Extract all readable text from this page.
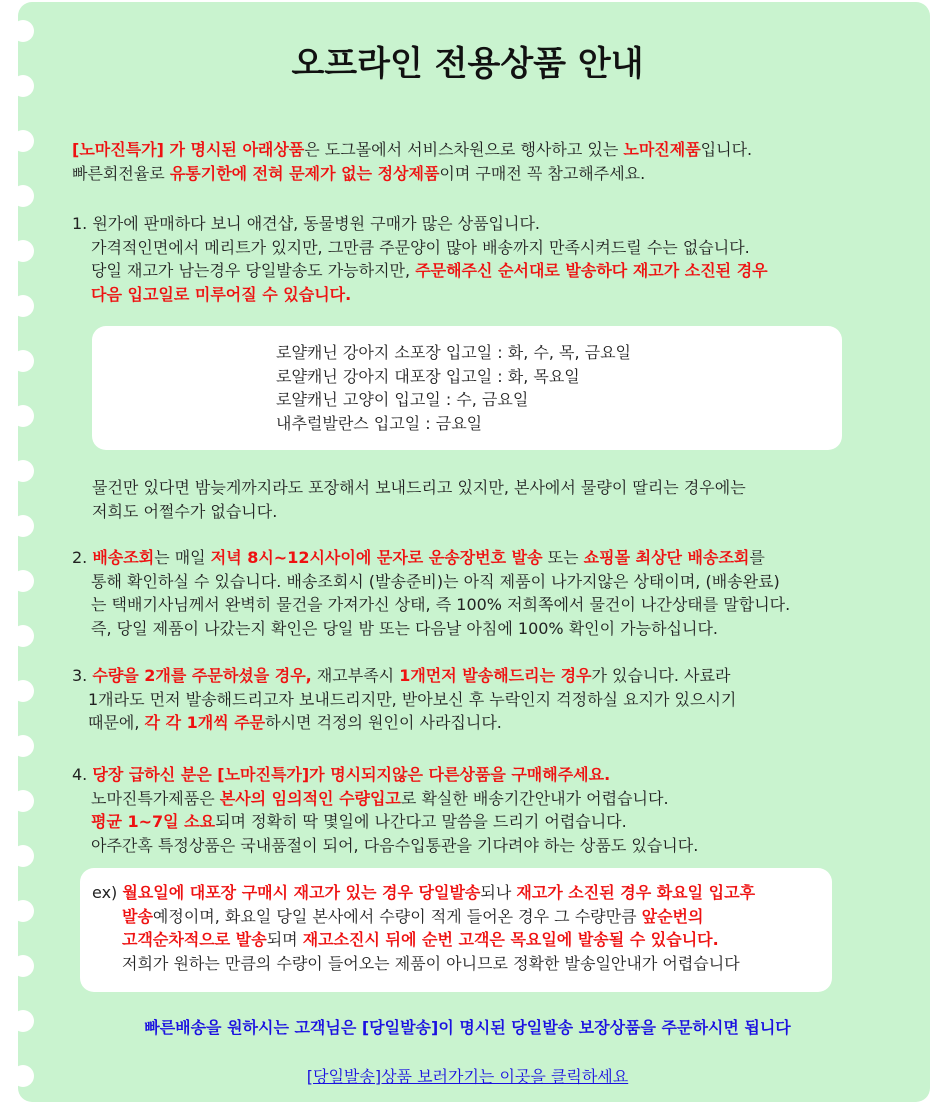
오프라인 전용상품 안내
[노마진특가] 가 명시된 아래상품은 도그몰에서 서비스차원으로 행사하고 있는 노마진제품입니다.
빠른회전율로 유통기한에 전혀 문제가 없는 정상제품이며 구매전 꼭 참고해주세요.
1. 원가에 판매하다 보니 애견샵, 동물병원 구매가 많은 상품입니다.
가격적인면에서 메리트가 있지만, 그만큼 주문양이 많아 배송까지 만족시켜드릴 수는 없습니다.
당일 재고가 남는경우 당일발송도 가능하지만, 주문해주신 순서대로 발송하다 재고가 소진된 경우
다음 입고일로 미루어질 수 있습니다.
로얄캐닌 강아지 소포장 입고일 : 화, 수, 목, 금요일
로얄캐닌 강아지 대포장 입고일 : 화, 목요일
로얄캐닌 고양이 입고일 : 수, 금요일
내추럴발란스 입고일 : 금요일
물건만 있다면 밤늦게까지라도 포장해서 보내드리고 있지만, 본사에서 물량이 딸리는 경우에는
저희도 어쩔수가 없습니다.
2. 배송조회는 매일 저녁 8시~12시사이에 문자로 운송장번호 발송 또는 쇼핑몰 최상단 배송조회를
통해 확인하실 수 있습니다. 배송조회시 (발송준비)는 아직 제품이 나가지않은 상태이며, (배송완료)
는 택배기사님께서 완벽히 물건을 가져가신 상태, 즉 100% 저희쪽에서 물건이 나간상태를 말합니다.
즉, 당일 제품이 나갔는지 확인은 당일 밤 또는 다음날 아침에 100% 확인이 가능하십니다.
3. 수량을 2개를 주문하셨을 경우, 재고부족시 1개먼저 발송해드리는 경우가 있습니다. 사료라
1개라도 먼저 발송해드리고자 보내드리지만, 받아보신 후 누락인지 걱정하실 요지가 있으시기
때문에, 각 각 1개씩 주문하시면 걱정의 원인이 사라집니다.
4. 당장 급하신 분은 [노마진특가]가 명시되지않은 다른상품을 구매해주세요.
노마진특가제품은 본사의 임의적인 수량입고로 확실한 배송기간안내가 어렵습니다.
평균 1~7일 소요되며 정확히 딱 몇일에 나간다고 말씀을 드리기 어렵습니다.
아주간혹 특정상품은 국내품절이 되어, 다음수입통관을 기다려야 하는 상품도 있습니다.
ex) 월요일에 대포장 구매시 재고가 있는 경우 당일발송되나 재고가 소진된 경우 화요일 입고후
발송예정이며, 화요일 당일 본사에서 수량이 적게 들어온 경우 그 수량만큼 앞순번의
고객순차적으로 발송되며 재고소진시 뒤에 순번 고객은 목요일에 발송될 수 있습니다.
저희가 원하는 만큼의 수량이 들어오는 제품이 아니므로 정확한 발송일안내가 어렵습니다
빠른배송을 원하시는 고객님은 [당일발송]이 명시된 당일발송 보장상품을 주문하시면 됩니다
[당일발송]상품 보러가기는 이곳을 클릭하세요
